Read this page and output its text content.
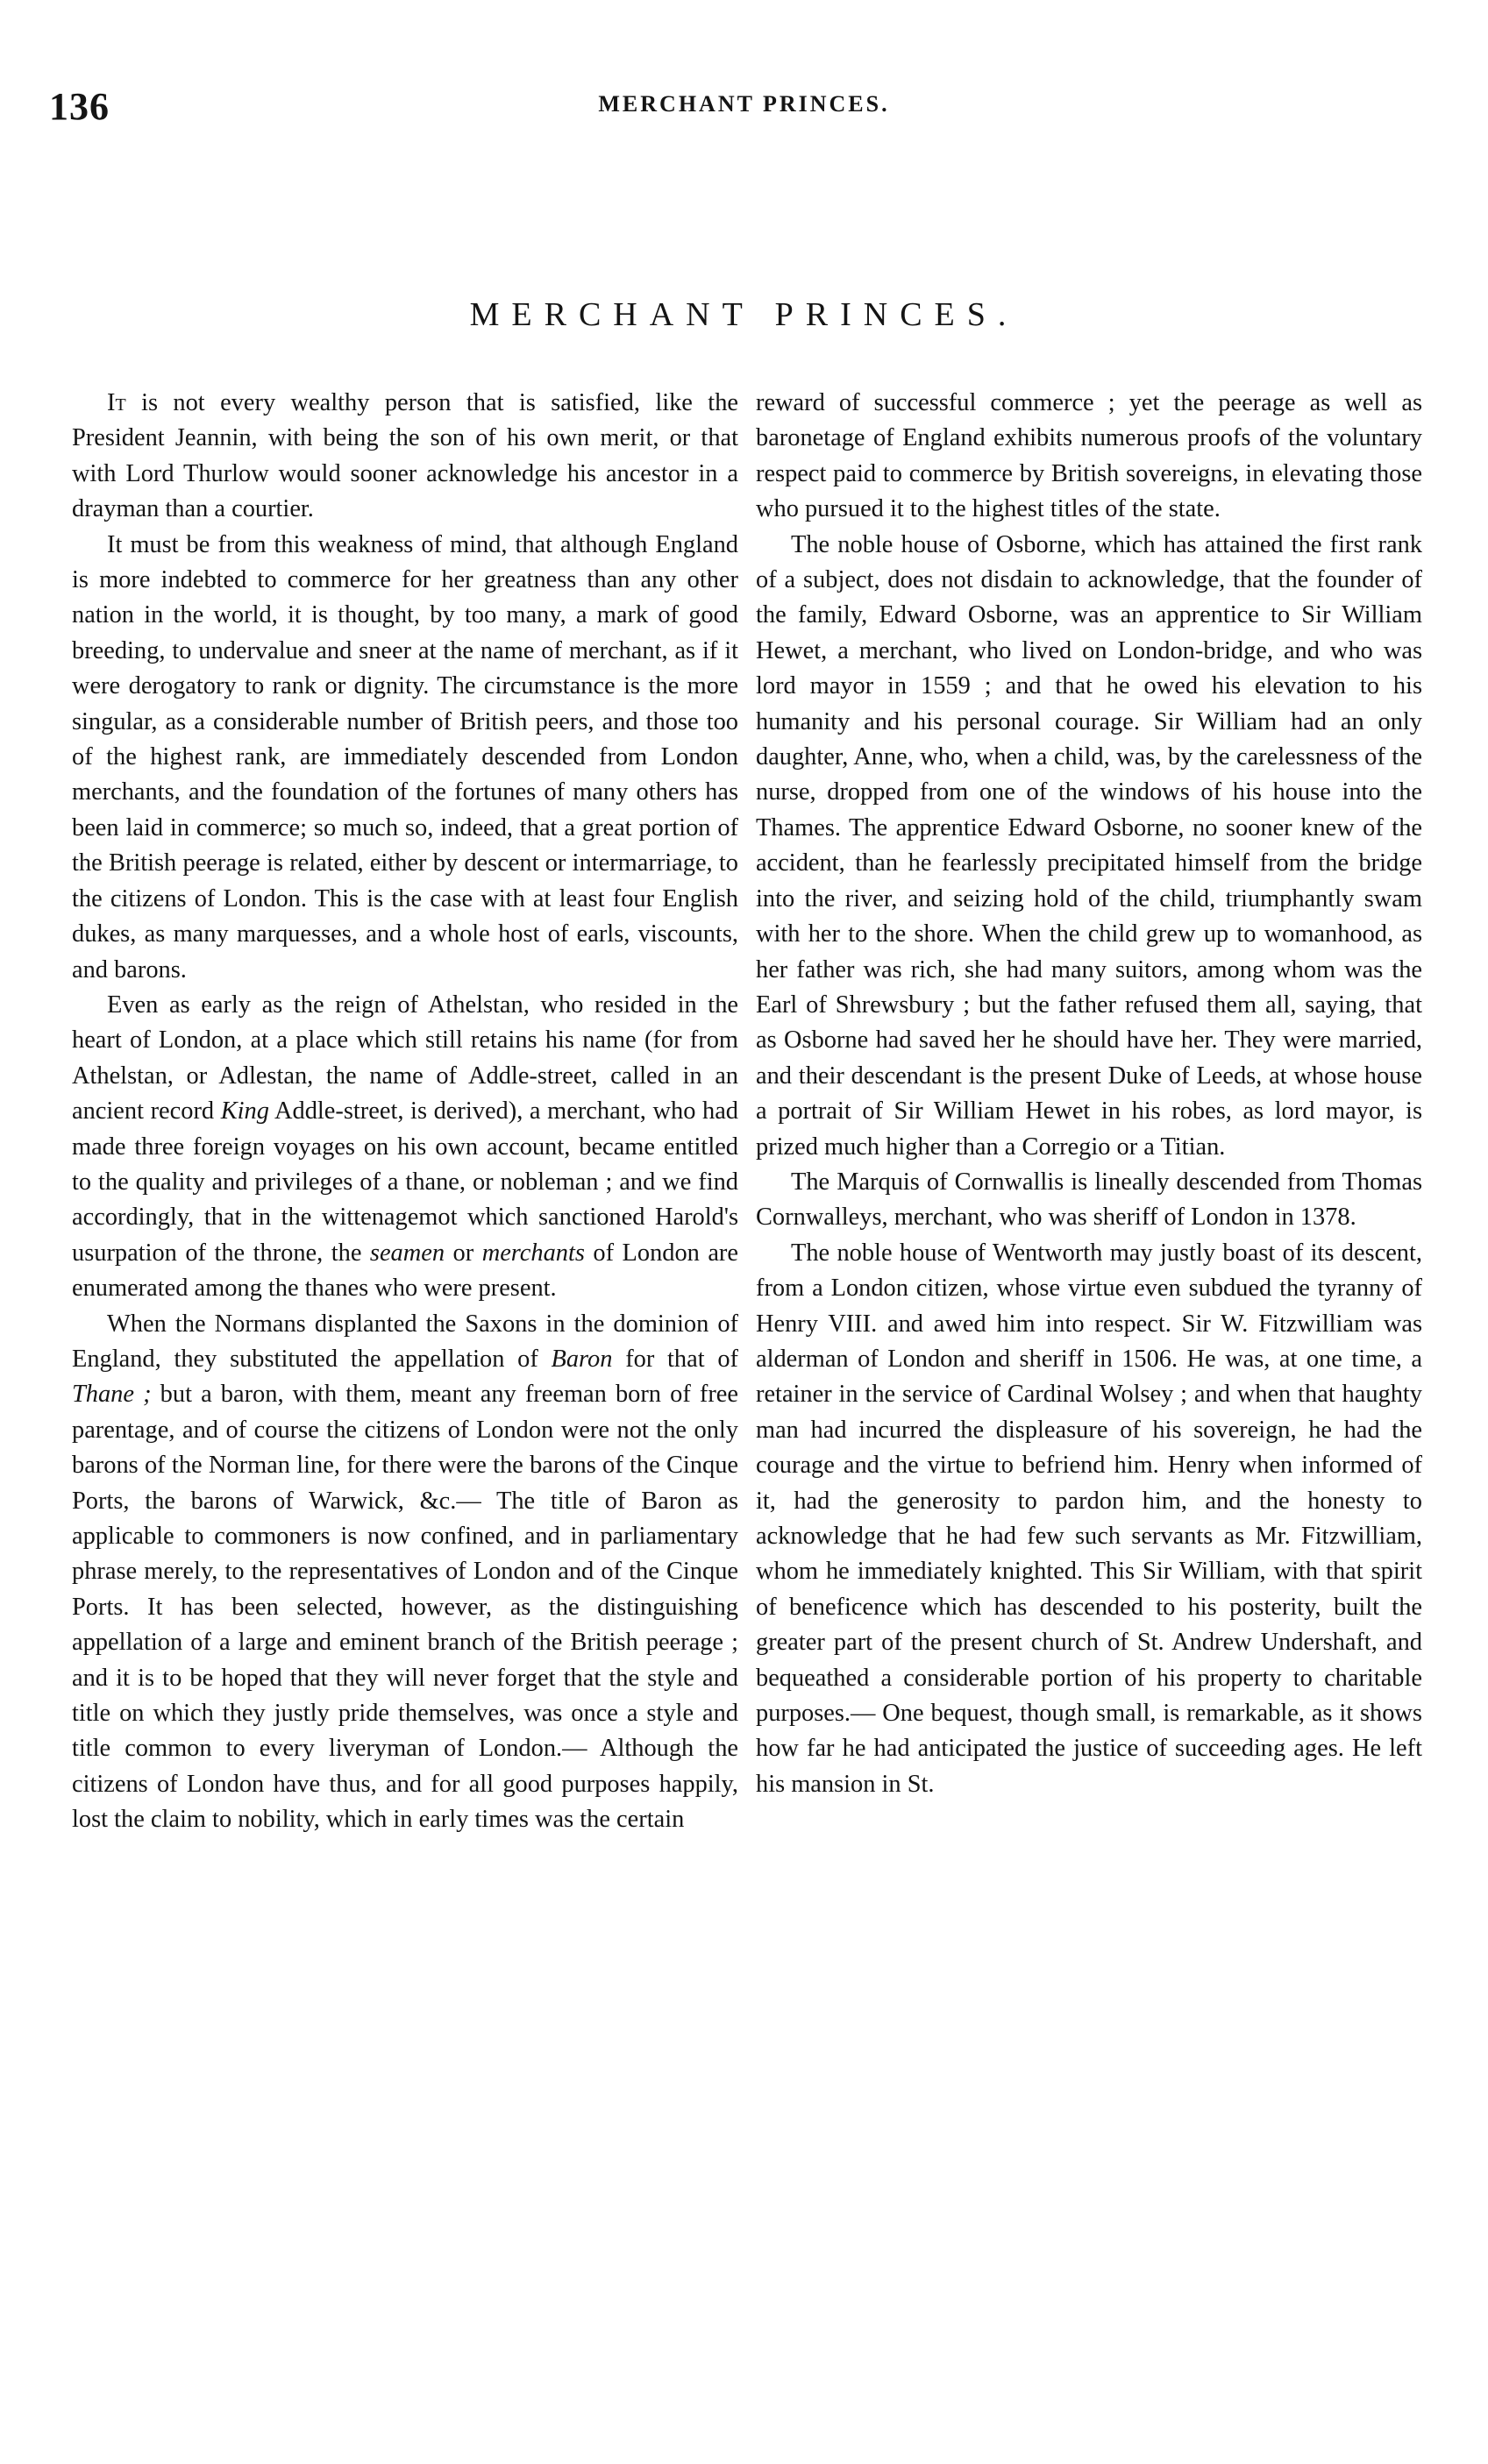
136	MERCHANT PRINCES.
MERCHANT PRINCES.

It is not every wealthy person that is satisfied, like the President Jeannin, with being the son of his own merit, or that with Lord Thurlow would sooner acknowledge his ancestor in a drayman than a courtier.

It must be from this weakness of mind, that although England is more indebted to commerce for her greatness than any other nation in the world, it is thought, by too many, a mark of good breeding, to undervalue and sneer at the name of merchant, as if it were derogatory to rank or dignity. The circumstance is the more singular, as a considerable number of British peers, and those too of the highest rank, are immediately descended from London merchants, and the foundation of the fortunes of many others has been laid in commerce; so much so, indeed, that a great portion of the British peerage is related, either by descent or intermarriage, to the citizens of London. This is the case with at least four English dukes, as many marquesses, and a whole host of earls, viscounts, and barons.

Even as early as the reign of Athelstan, who resided in the heart of London, at a place which still retains his name (for from Athelstan, or Adlestan, the name of Addle-street, called in an ancient record King Addle-street, is derived), a merchant, who had made three foreign voyages on his own account, became entitled to the quality and privileges of a thane, or nobleman ; and we find accordingly, that in the wittenagemot which sanctioned Harold's usurpation of the throne, the seamen or merchants of London are enumerated among the thanes who were present.

When the Normans displanted the Saxons in the dominion of England, they substituted the appellation of Baron for that of Thane ; but a baron, with them, meant any freeman born of free parentage, and of course the citizens of London were not the only barons of the Norman line, for there were the barons of the Cinque Ports, the barons of Warwick, &c.— The title of Baron as applicable to commoners is now confined, and in parliamentary phrase merely, to the representatives of London and of the Cinque Ports. It has been selected, however, as the distinguishing appellation of a large and eminent branch of the British peerage ; and it is to be hoped that they will never forget that the style and title on which they justly pride themselves, was once a style and title common to every liveryman of London.— Although the citizens of London have thus, and for all good purposes happily, lost the claim to nobility, which in early times was the certain

reward of successful commerce ; yet the peerage as well as baronetage of England exhibits numerous proofs of the voluntary respect paid to commerce by British sovereigns, in elevating those who pursued it to the highest titles of the state.

The noble house of Osborne, which has attained the first rank of a subject, does not disdain to acknowledge, that the founder of the family, Edward Osborne, was an apprentice to Sir William Hewet, a merchant, who lived on London-bridge, and who was lord mayor in 1559 ; and that he owed his elevation to his humanity and his personal courage. Sir William had an only daughter, Anne, who, when a child, was, by the carelessness of the nurse, dropped from one of the windows of his house into the Thames. The apprentice Edward Osborne, no sooner knew of the accident, than he fearlessly precipitated himself from the bridge into the river, and seizing hold of the child, triumphantly swam with her to the shore. When the child grew up to womanhood, as her father was rich, she had many suitors, among whom was the Earl of Shrewsbury ; but the father refused them all, saying, that as Osborne had saved her he should have her. They were married, and their descendant is the present Duke of Leeds, at whose house a portrait of Sir William Hewet in his robes, as lord mayor, is prized much higher than a Corregio or a Titian.

The Marquis of Cornwallis is lineally descended from Thomas Cornwalleys, merchant, who was sheriff of London in 1378.

The noble house of Wentworth may justly boast of its descent, from a London citizen, whose virtue even subdued the tyranny of Henry VIII. and awed him into respect. Sir W. Fitzwilliam was alderman of London and sheriff in 1506. He was, at one time, a retainer in the service of Cardinal Wolsey ; and when that haughty man had incurred the displeasure of his sovereign, he had the courage and the virtue to befriend him. Henry when informed of it, had the generosity to pardon him, and the honesty to acknowledge that he had few such servants as Mr. Fitzwilliam, whom he immediately knighted. This Sir William, with that spirit of beneficence which has descended to his posterity, built the greater part of the present church of St. Andrew Undershaft, and bequeathed a considerable portion of his property to charitable purposes.— One bequest, though small, is remarkable, as it shows how far he had anticipated the justice of succeeding ages. He left his mansion in St.
